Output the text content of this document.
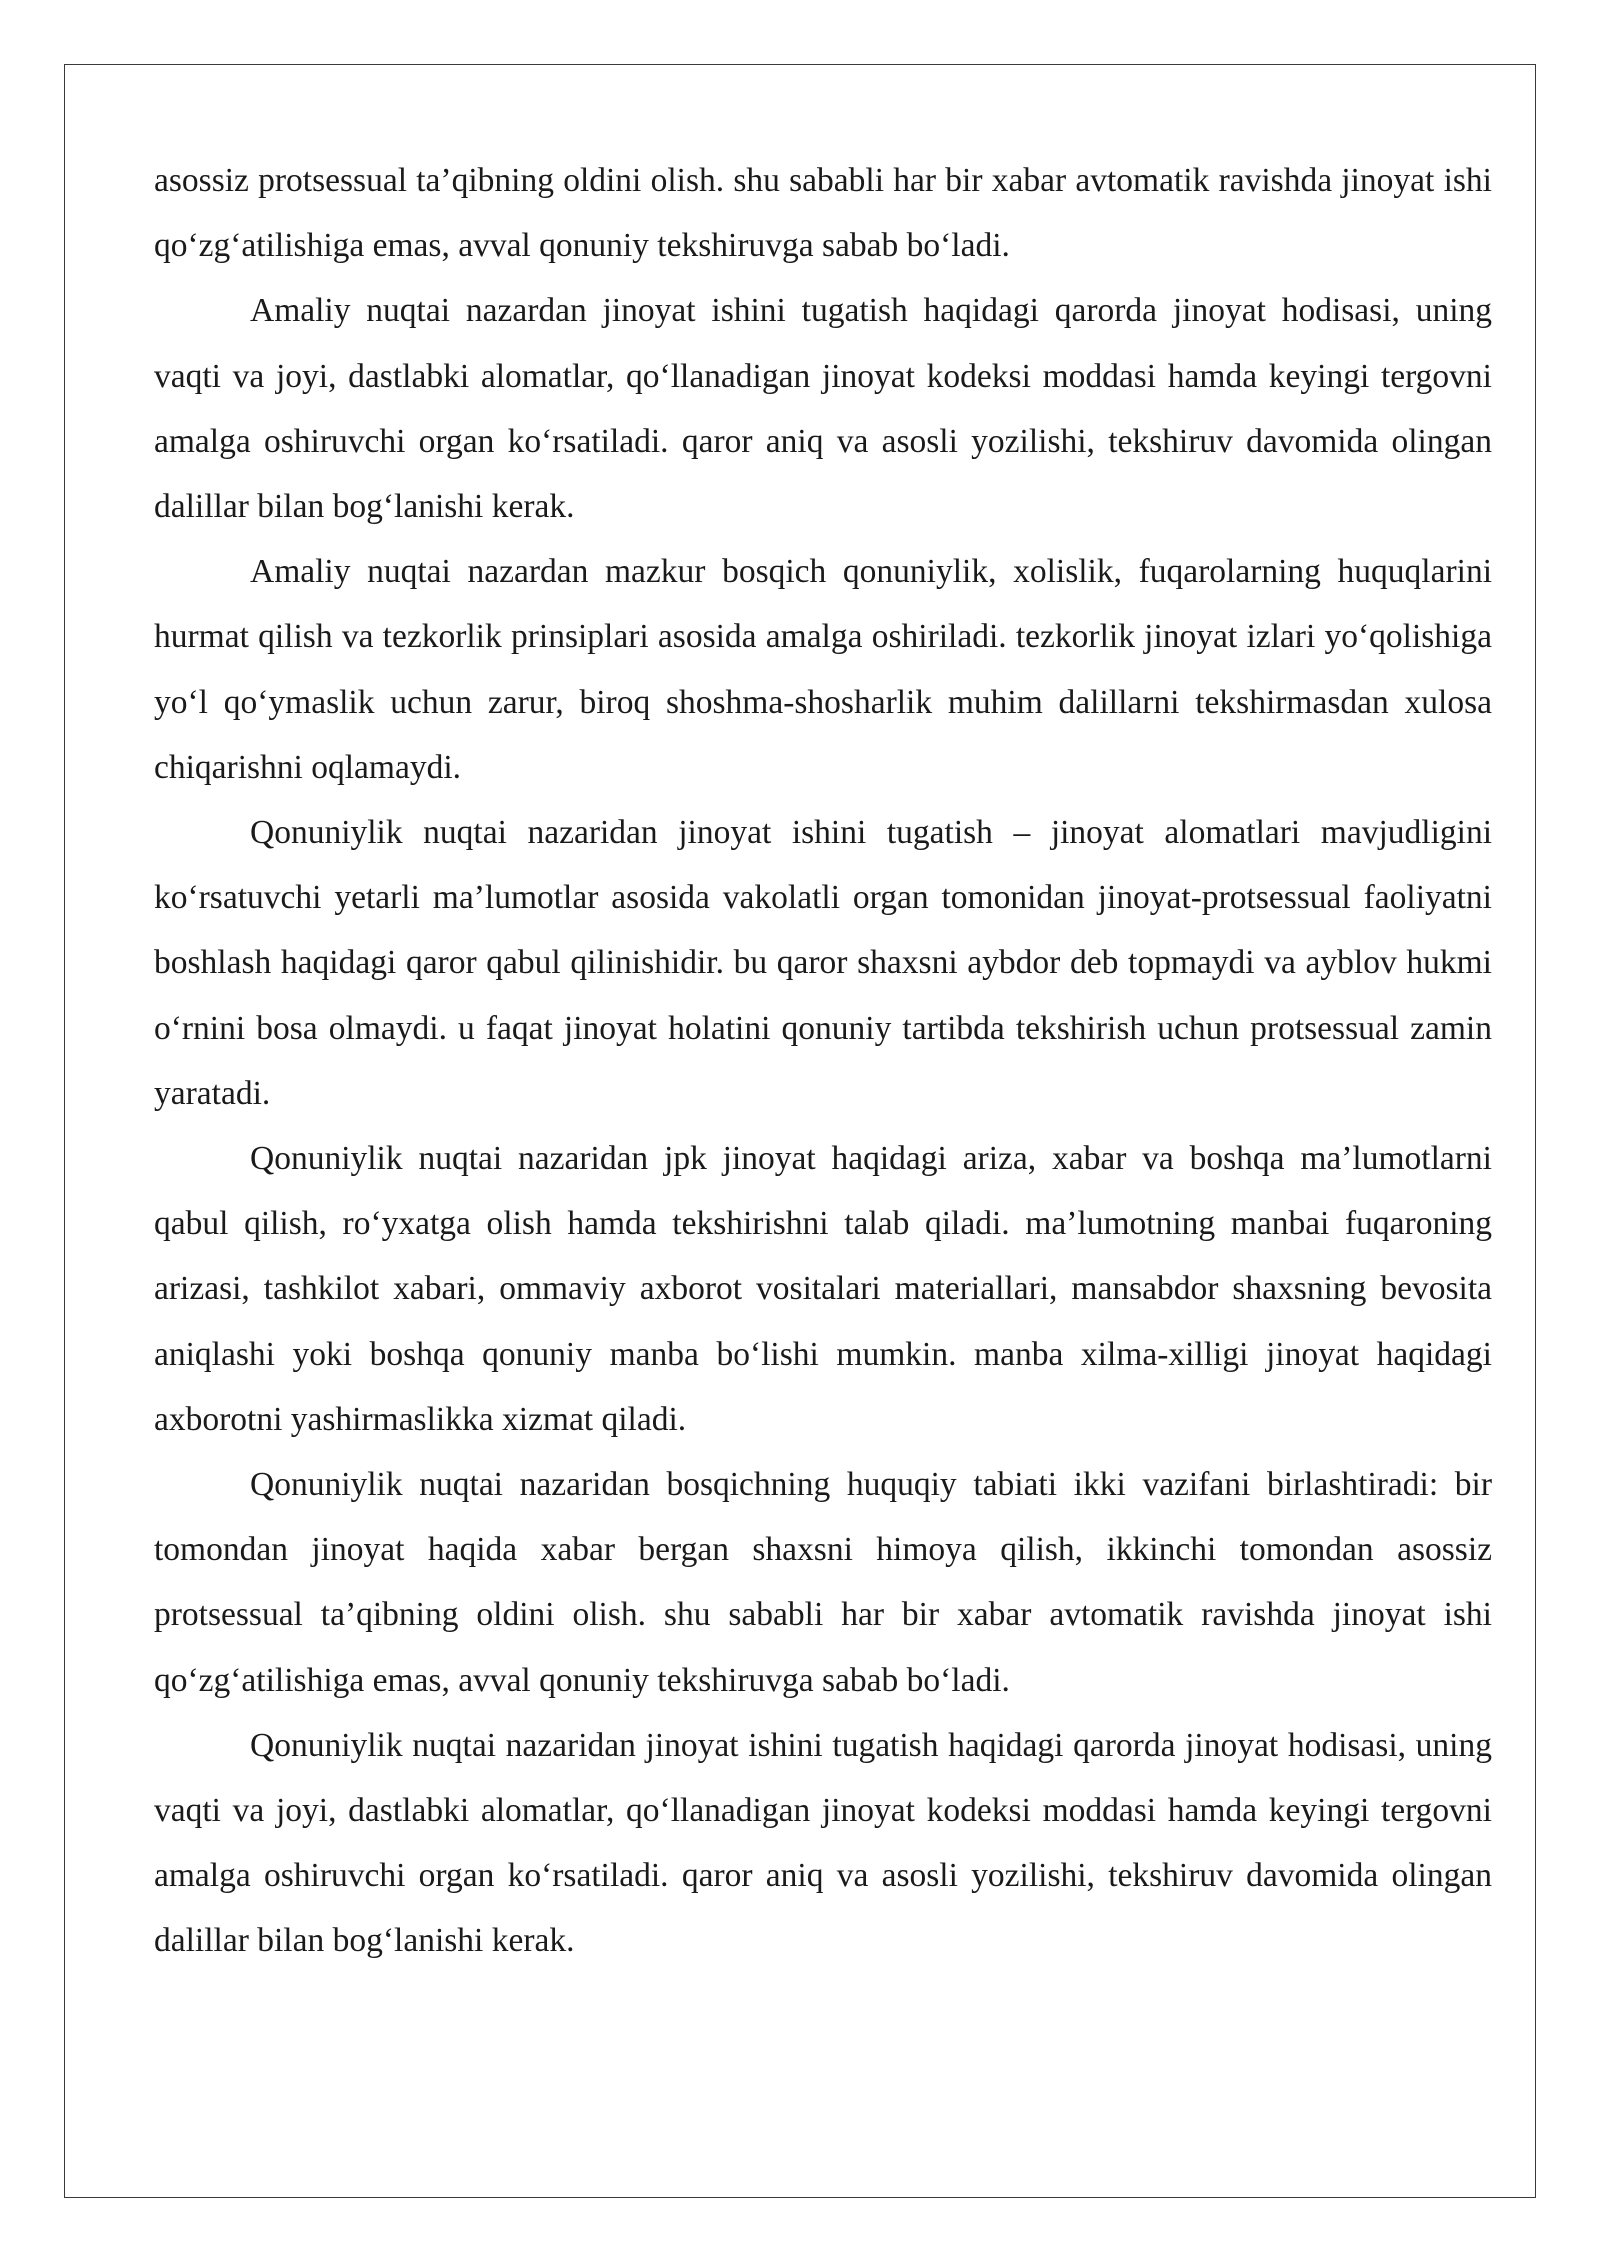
asossiz protsessual ta’qibning oldini olish. shu sababli har bir xabar avtomatik ravishda jinoyat ishi qo‘zg‘atilishiga emas, avval qonuniy tekshiruvga sabab bo‘ladi.

Amaliy nuqtai nazardan jinoyat ishini tugatish haqidagi qarorda jinoyat hodisasi, uning vaqti va joyi, dastlabki alomatlar, qo‘llanadigan jinoyat kodeksi moddasi hamda keyingi tergovni amalga oshiruvchi organ ko‘rsatiladi. qaror aniq va asosli yozilishi, tekshiruv davomida olingan dalillar bilan bog‘lanishi kerak.

Amaliy nuqtai nazardan mazkur bosqich qonuniylik, xolislik, fuqarolarning huquqlarini hurmat qilish va tezkorlik prinsiplari asosida amalga oshiriladi. tezkorlik jinoyat izlari yo‘qolishiga yo‘l qo‘ymaslik uchun zarur, biroq shoshma-shosharlik muhim dalillarni tekshirmasdan xulosa chiqarishni oqlamaydi.

Qonuniylik nuqtai nazaridan jinoyat ishini tugatish – jinoyat alomatlari mavjudligini ko‘rsatuvchi yetarli ma’lumotlar asosida vakolatli organ tomonidan jinoyat-protsessual faoliyatni boshlash haqidagi qaror qabul qilinishidir. bu qaror shaxsni aybdor deb topmaydi va ayblov hukmi o‘rnini bosa olmaydi. u faqat jinoyat holatini qonuniy tartibda tekshirish uchun protsessual zamin yaratadi.

Qonuniylik nuqtai nazaridan jpk jinoyat haqidagi ariza, xabar va boshqa ma’lumotlarni qabul qilish, ro‘yxatga olish hamda tekshirishni talab qiladi. ma’lumotning manbai fuqaroning arizasi, tashkilot xabari, ommaviy axborot vositalari materiallari, mansabdor shaxsning bevosita aniqlashi yoki boshqa qonuniy manba bo‘lishi mumkin. manba xilma-xilligi jinoyat haqidagi axborotni yashirmaslikka xizmat qiladi.

Qonuniylik nuqtai nazaridan bosqichning huquqiy tabiati ikki vazifani birlashtiradi: bir tomondan jinoyat haqida xabar bergan shaxsni himoya qilish, ikkinchi tomondan asossiz protsessual ta’qibning oldini olish. shu sababli har bir xabar avtomatik ravishda jinoyat ishi qo‘zg‘atilishiga emas, avval qonuniy tekshiruvga sabab bo‘ladi.

Qonuniylik nuqtai nazaridan jinoyat ishini tugatish haqidagi qarorda jinoyat hodisasi, uning vaqti va joyi, dastlabki alomatlar, qo‘llanadigan jinoyat kodeksi moddasi hamda keyingi tergovni amalga oshiruvchi organ ko‘rsatiladi. qaror aniq va asosli yozilishi, tekshiruv davomida olingan dalillar bilan bog‘lanishi kerak.
